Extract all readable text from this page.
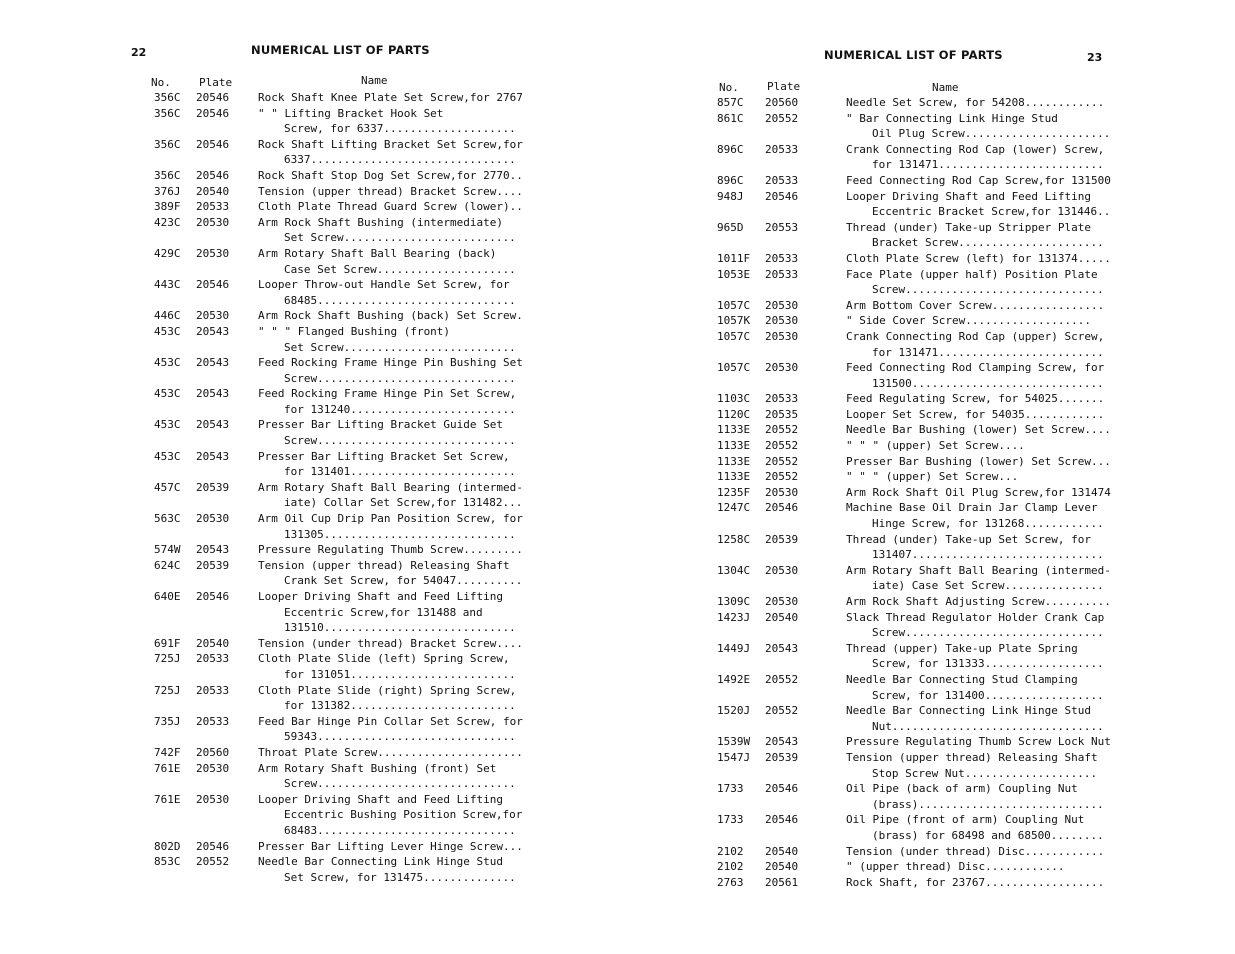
22	NUMERICAL LIST OF PARTS
No.	Plate	Name
356C 20546	Rock Shaft Knee Plate Set Screw,for 2767
356C 20546	" " Lifting Bracket Hook Set
Screw, for 6337....................
356C 20546	Rock Shaft Lifting Bracket Set Screw,for
6337...............................
356C 20546	Rock Shaft Stop Dog Set Screw,for 2770..
376J 20540	Tension (upper thread) Bracket Screw....
389F 20533	Cloth Plate Thread Guard Screw (lower)..
423C 20530	Arm Rock Shaft Bushing (intermediate)
Set Screw..........................
429C 20530	Arm Rotary Shaft Ball Bearing (back)
Case Set Screw.....................
443C 20546	Looper Throw-out Handle Set Screw, for
68485..............................
446C 20530	Arm Rock Shaft Bushing (back) Set Screw.
453C 20543	" " " Flanged Bushing (front)
Set Screw..........................
453C 20543	Feed Rocking Frame Hinge Pin Bushing Set
Screw..............................
453C 20543	Feed Rocking Frame Hinge Pin Set Screw,
for 131240.........................
453C 20543	Presser Bar Lifting Bracket Guide Set
Screw..............................
453C 20543	Presser Bar Lifting Bracket Set Screw,
for 131401.........................
457C 20539	Arm Rotary Shaft Ball Bearing (intermed-
iate) Collar Set Screw,for 131482...
563C 20530	Arm Oil Cup Drip Pan Position Screw, for
131305.............................
574W 20543	Pressure Regulating Thumb Screw.........
624C 20539	Tension (upper thread) Releasing Shaft
Crank Set Screw, for 54047..........
640E 20546	Looper Driving Shaft and Feed Lifting
Eccentric Screw,for 131488 and
131510.............................
691F 20540	Tension (under thread) Bracket Screw....
725J 20533	Cloth Plate Slide (left) Spring Screw,
for 131051.........................
725J 20533	Cloth Plate Slide (right) Spring Screw,
for 131382.........................
735J 20533	Feed Bar Hinge Pin Collar Set Screw, for
59343..............................
742F 20560	Throat Plate Screw......................
761E 20530	Arm Rotary Shaft Bushing (front) Set
Screw..............................
761E 20530	Looper Driving Shaft and Feed Lifting
Eccentric Bushing Position Screw,for
68483..............................
802D 20546	Presser Bar Lifting Lever Hinge Screw...
853C 20552	Needle Bar Connecting Link Hinge Stud
Set Screw, for 131475..............
NUMERICAL LIST OF PARTS	23
No.	Plate	Name
857C 20560	Needle Set Screw, for 54208............
861C 20552	" Bar Connecting Link Hinge Stud
Oil Plug Screw......................
896C 20533	Crank Connecting Rod Cap (lower) Screw,
for 131471.........................
896C 20533	Feed Connecting Rod Cap Screw,for 131500
948J 20546	Looper Driving Shaft and Feed Lifting
Eccentric Bracket Screw,for 131446..
965D 20553	Thread (under) Take-up Stripper Plate
Bracket Screw......................
1011F 20533	Cloth Plate Screw (left) for 131374.....
1053E 20533	Face Plate (upper half) Position Plate
Screw..............................
1057C 20530	Arm Bottom Cover Screw.................
1057K 20530	" Side Cover Screw...................
1057C 20530	Crank Connecting Rod Cap (upper) Screw,
for 131471.........................
1057C 20530	Feed Connecting Rod Clamping Screw, for
131500.............................
1103C 20533	Feed Regulating Screw, for 54025.......
1120C 20535	Looper Set Screw, for 54035............
1133E 20552	Needle Bar Bushing (lower) Set Screw....
1133E 20552	" " " (upper) Set Screw....
1133E 20552	Presser Bar Bushing (lower) Set Screw...
1133E 20552	" " " (upper) Set Screw...
1235F 20530	Arm Rock Shaft Oil Plug Screw,for 131474
1247C 20546	Machine Base Oil Drain Jar Clamp Lever
Hinge Screw, for 131268............
1258C 20539	Thread (under) Take-up Set Screw, for
131407.............................
1304C 20530	Arm Rotary Shaft Ball Bearing (intermed-
iate) Case Set Screw...............
1309C 20530	Arm Rock Shaft Adjusting Screw..........
1423J 20540	Slack Thread Regulator Holder Crank Cap
Screw..............................
1449J 20543	Thread (upper) Take-up Plate Spring
Screw, for 131333..................
1492E 20552	Needle Bar Connecting Stud Clamping
Screw, for 131400..................
1520J 20552	Needle Bar Connecting Link Hinge Stud
Nut................................
1539W 20543	Pressure Regulating Thumb Screw Lock Nut
1547J 20539	Tension (upper thread) Releasing Shaft
Stop Screw Nut....................
1733 20546	Oil Pipe (back of arm) Coupling Nut
(brass)............................
1733 20546	Oil Pipe (front of arm) Coupling Nut
(brass) for 68498 and 68500........
2102 20540	Tension (under thread) Disc............
2102 20540	" (upper thread) Disc............
2763 20561	Rock Shaft, for 23767..................
